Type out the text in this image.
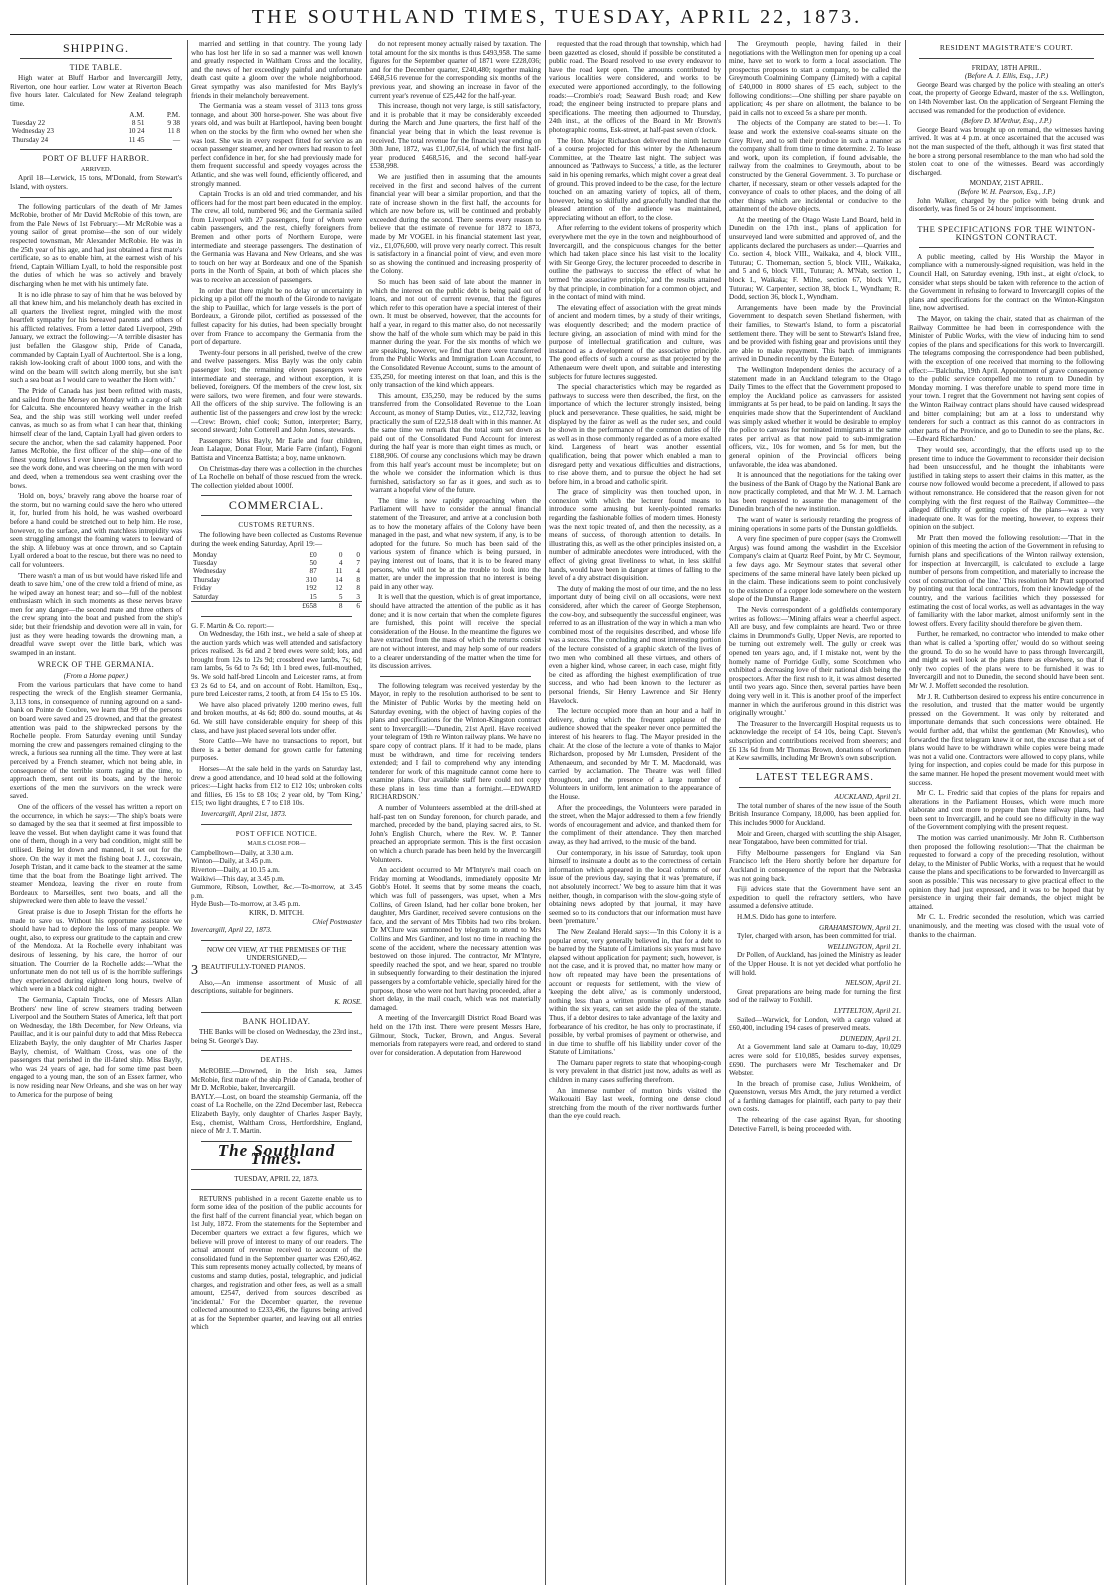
THE SOUTHLAND TIMES, TUESDAY, APRIL 22, 1873.
SHIPPING.
TIDE TABLE.

High water at Bluff Harbor and Invercargill Jetty, Riverton, one hour earlier. Low water at Riverton Beach five hours later. Calculated for New Zealand telegraph time.

	A.M.	P.M.
Tuesday 22	8 51	9 38
Wednesday 23	10 24	11 8
Thursday 24	11 45	—
PORT OF BLUFF HARBOR.
ARRIVED.

April 18—Lerwick, 15 tons, M'Donald, from Stewart's Island, with oysters.

The following particulars of the death of Mr James McRobie, brother of Mr David McRobie of this town, are from the Pale News of 1st February:—Mr McRobie was a young sailor of great promise—the son of our widely respected townsman, Mr Alexander McRobie. He was in the 25th year of his age, and had just obtained a first mate's certificate, so as to enable him, at the earnest wish of his friend, Captain William Lyall, to hold the responsible post the duties of which he was so actively and bravely discharging when he met with his untimely fate.

It is no idle phrase to say of him that he was beloved by all that knew him, and his melancholy death has excited in all quarters the liveliest regret, mingled with the most heartfelt sympathy for his bereaved parents and others of his afflicted relatives. From a letter dated Liverpool, 29th January, we extract the following:—'A terrible disaster has just befallen the Glasgow ship, Pride of Canada, commanded by Captain Lyall of Auchtertool. She is a long, rakish low-looking craft of about 1000 tons, and with the wind on the beam will switch along merrily, but she isn't such a sea boat as I would care to weather the Horn with.'

The Pride of Canada has just been refitted with masts, and sailed from the Mersey on Monday with a cargo of salt for Calcutta. She encountered heavy weather in the Irish Sea, and the ship was still working well under reefed canvas, as much so as from what I can hear that, thinking himself clear of the land, Captain Lyall had given orders to secure the anchor, when the sad calamity happened. Poor James McRobie, the first officer of the ship—one of the finest young fellows I ever knew—had sprung forward to see the work done, and was cheering on the men with word and deed, when a tremendous sea went crashing over the bows.

'Hold on, boys,' bravely rang above the hoarse roar of the storm, but no warning could save the hero who uttered it, for, hurled from his hold, he was washed overboard before a hand could be stretched out to help him. He rose, however, to the surface, and with matchless intrepidity was seen struggling amongst the foaming waters to leeward of the ship. A lifebuoy was at once thrown, and so Captain Lyall ordered a boat to the rescue, but there was no need to call for volunteers.

'There wasn't a man of us but would have risked life and death to save him,' one of the crew told a friend of mine, as he wiped away an honest tear; and so—full of the noblest enthusiasm which in such moments as these nerves brave men for any danger—the second mate and three others of the crew sprang into the boat and pushed from the ship's side; but their friendship and devotion were all in vain, for just as they were heading towards the drowning man, a dreadful wave swept over the little bark, which was swamped in an instant.

WRECK OF THE GERMANIA.
(From a Home paper.)

From the various particulars that have come to hand respecting the wreck of the English steamer Germania, 3,113 tons, in consequence of running aground on a sand-bank on Pointe de Coubre, we learn that 99 of the persons on board were saved and 25 drowned, and that the greatest attention was paid to the shipwrecked persons by the Rochelle people. From Saturday evening until Sunday morning the crew and passengers remained clinging to the wreck, a furious sea running all the time. They were at last perceived by a French steamer, which not being able, in consequence of the terrible storm raging at the time, to approach them, sent out its boats, and by the heroic exertions of the men the survivors on the wreck were saved.

One of the officers of the vessel has written a report on the occurrence, in which he says:—'The ship's boats were so damaged by the sea that it seemed at first impossible to leave the vessel. But when daylight came it was found that one of them, though in a very bad condition, might still be utilised. Being let down and manned, it set out for the shore. On the way it met the fishing boat J. J., coxswain, Joseph Tristan, and it came back to the steamer at the same time that the boat from the Boatinge light arrived. The steamer Mendoza, leaving the river en route from Bordeaux to Marseilles, sent two boats, and all the shipwrecked were then able to leave the vessel.'

Great praise is due to Joseph Tristan for the efforts he made to save us. Without his opportune assistance we should have had to deplore the loss of many people. We ought, also, to express our gratitude to the captain and crew of the Mendoza. At la Rochelle every inhabitant was desirous of lessening, by his care, the horror of our situation. The Courrier de la Rochelle adds:—'What the unfortunate men do not tell us of is the horrible sufferings they experienced during eighteen long hours, twelve of which were in a black cold night.'

The Germania, Captain Trocks, one of Messrs Allan Brothers' new line of screw steamers trading between Liverpool and the Southern States of America, left that port on Wednesday, the 18th December, for New Orleans, via Pauillac, and it is our painful duty to add that Miss Rebecca Elizabeth Bayly, the only daughter of Mr Charles Jasper Bayly, chemist, of Waltham Cross, was one of the passengers that perished in the ill-fated ship. Miss Bayly, who was 24 years of age, had for some time past been engaged to a young man, the son of an Essex farmer, who is now residing near New Orleans, and she was on her way to America for the purpose of being

married and settling in that country. The young lady who has lost her life in so sad a manner was well known and greatly respected in Waltham Cross and the locality, and the news of her exceedingly painful and unfortunate death cast quite a gloom over the whole neighborhood. Great sympathy was also manifested for Mrs Bayly's friends in their melancholy bereavement.

The Germania was a steam vessel of 3113 tons gross tonnage, and about 300 horse-power. She was about five years old, and was built at Hartlepool, having been bought when on the stocks by the firm who owned her when she was lost. She was in every respect fitted for service as an ocean passenger steamer, and her owners had reason to feel perfect confidence in her, for she had previously made for them frequent successful and speedy voyages across the Atlantic, and she was well found, efficiently officered, and strongly manned.

Captain Trocks is an old and tried commander, and his officers had for the most part been educated in the employ. The crew, all told, numbered 96; and the Germania sailed from Liverpool with 27 passengers, four of whom were cabin passengers, and the rest, chiefly foreigners from Bremen and other ports of Northern Europe, were intermediate and steerage passengers. The destination of the Germania was Havana and New Orleans, and she was to touch on her way at Bordeaux and one of the Spanish ports in the North of Spain, at both of which places she was to receive an accession of passengers.

In order that there might be no delay or uncertainty in picking up a pilot off the mouth of the Gironde to navigate the ship to Pauillac, which for large vessels is the port of Bordeaux, a Gironde pilot, certified as possessed of the fullest capacity for his duties, had been specially brought over from France to accompany the Germania from the port of departure.

Twenty-four persons in all perished, twelve of the crew and twelve passengers. Miss Bayly was the only cabin passenger lost; the remaining eleven passengers were intermediate and steerage, and without exception, it is believed, foreigners. Of the members of the crew lost, six were sailors, two were firemen, and four were stewards. All the officers of the ship survive. The following is an authentic list of the passengers and crew lost by the wreck:—Crew: Brown, chief cook; Sutton, interpreter; Barry, second steward; John Cotterell and John Jones, stewards.

Passengers: Miss Bayly, Mr Earle and four children, Jean Lalaque, Donat Flour, Marie Farre (infant), Fogoni Battista and Vincenza Battista; a boy, name unknown.

On Christmas-day there was a collection in the churches of La Rochelle on behalf of those rescued from the wreck. The collection yielded about 1000f.

COMMERCIAL.
CUSTOMS RETURNS.

The following have been collected as Customs Revenue during the week ending Saturday, April 19:—

Monday	£0	0	0
Tuesday	50	4	7
Wednesday	87	11	4
Thursday	310	14	8
Friday	192	12	8
Saturday	15	5	3
	£658	8	6
G. F. Martin & Co. report:—

On Wednesday, the 16th inst., we held a sale of sheep at the auction yards which was well attended and satisfactory prices realised. 3s 6d and 2 bred ewes were sold; lots, and brought from 12s to 12s 9d; crossbred ewe lambs, 7s; 6d; ram lambs, 5s 6d to 7s 6d; 1th 1 bred ewes, full-mouthed, 9s. We sold half-bred Lincoln and Leicester rams, at from £3 2s 6d to £4, and on account of Robt. Hamilton, Esq., pure bred Leicester rams, 2 tooth, at from £4 15s to £5 10s.

We have also placed privately 1200 merino ewes, full and broken mouths, at 4s 6d; 800 do. sound mouths, at 4s 6d. We still have considerable enquiry for sheep of this class, and have just placed several lots under offer.

Store Cattle—We have no transactions to report, but there is a better demand for grown cattle for fattening purposes.

Horses—At the sale held in the yards on Saturday last, drew a good attendance, and 10 head sold at the following prices:—Light hacks from £12 to £12 10s; unbroken colts and fillies, £6 15s to £8 10s; 2 year old, by 'Tom King,' £15; two light draughts, £ 7 to £18 10s.

Invercargill, April 21st, 1873.
POST OFFICE NOTICE.
MAILS CLOSE FOR—
Campbelltown—Daily, at 3.30 a.m.
Winton—Daily, at 3.45 p.m.
Riverton—Daily, at 10.15 a.m.
Waikiwi—This day, at 3.45 p.m.
Gummore, Ribson, Lowther, &c.—To-morrow, at 3.45 p.m.
Hyde Bush—To-morrow, at 3.45 p.m.
KIRK, D. MITCH.
Chief Postmaster
Invercargill, April 22, 1873.
NOW ON VIEW, AT THE PREMISES OF THE UNDERSIGNED,—
3 BEAUTIFULLY-TONED PIANOS.

Also,—An immense assortment of Music of all descriptions, suitable for beginners.

K. ROSE.
BANK HOLIDAY.

THE Banks will be closed on Wednesday, the 23rd inst., being St. George's Day.

DEATHS.

McROBIE.—Drowned, in the Irish sea, James McRobie, first mate of the ship Pride of Canada, brother of Mr D. McRobie, baker, Invercargill.
BAYLY.—Lost, on board the steamship Germania, off the coast of La Rochelle, on the 22nd December last, Rebecca Elizabeth Bayly, only daughter of Charles Jasper Bayly, Esq., chemist, Waltham Cross, Hertfordshire, England, niece of Mr J. T. Martin.

The Southland Times.
TUESDAY, APRIL 22, 1873.

RETURNS published in a recent Gazette enable us to form some idea of the position of the public accounts for the first half of the current financial year, which began on 1st July, 1872. From the statements for the September and December quarters we extract a few figures, which we believe will prove of interest to many of our readers. The actual amount of revenue received to account of the consolidated fund in the September quarter was £260,462. This sum represents money actually collected, by means of customs and stamp duties, postal, telegraphic, and judicial charges, and registration and other fees, as well as a small amount, £2547, derived from sources described as 'incidental.' For the December quarter, the revenue collected amounted to £233,496, the figures being arrived at as for the September quarter, and leaving out all entries which

do not represent money actually raised by taxation. The total amount for the six months is thus £493,958. The same figures for the September quarter of 1871 were £228,036; and for the December quarter, £240,480; together making £468,516 revenue for the corresponding six months of the previous year, and showing an increase in favor of the current year's revenue of £25,442 for the half-year.

This increase, though not very large, is still satisfactory, and it is probable that it may be considerably exceeded during the March and June quarters, the first half of the financial year being that in which the least revenue is received. The total revenue for the financial year ending on 30th June, 1872, was £1,007,614, of which the first half-year produced £468,516, and the second half-year £538,998.

We are justified then in assuming that the amounts received in the first and second halves of the current financial year will bear a similar proportion, and that the rate of increase shown in the first half, the accounts for which are now before us, will be continued and probably exceeded during the second. There seems every reason to believe that the estimate of revenue for 1872 to 1873, made by Mr VOGEL in his financial statement last year, viz., £1,076,600, will prove very nearly correct. This result is satisfactory in a financial point of view, and even more so as showing the continued and increasing prosperity of the Colony.

So much has been said of late about the manner in which the interest on the public debt is being paid out of loans, and not out of current revenue, that the figures which refer to this operation have a special interest of their own. It must be observed, however, that the accounts for half a year, in regard to this matter also, do not necessarily show the half of the whole sum which may be paid in this manner during the year. For the six months of which we are speaking, however, we find that there were transferred from the Public Works and Immigration Loan Account, to the Consolidated Revenue Account, sums to the amount of £35,250, for meeting interest on that loan, and this is the only transaction of the kind which appears.

This amount, £35,250, may be reduced by the sums transferred from the Consolidated Revenue to the Loan Account, as money of Stamp Duties, viz., £12,732, leaving practically the sum of £22,518 dealt with in this manner. At the same time we remark that the total sum set down as paid out of the Consolidated Fund Account for interest during the half year is more than eight times as much, or £188,906. Of course any conclusions which may be drawn from this half year's account must be incomplete; but on the whole we consider the information which is thus furnished, satisfactory so far as it goes, and such as to warrant a hopeful view of the future.

The time is now rapidly approaching when the Parliament will have to consider the annual financial statement of the Treasurer, and arrive at a conclusion both as to how the monetary affairs of the Colony have been managed in the past, and what new system, if any, is to be adopted for the future. So much has been said of the various system of finance which is being pursued, in paying interest out of loans, that it is to be feared many persons, who will not be at the trouble to look into the matter, are under the impression that no interest is being paid in any other way.

It is well that the question, which is of great importance, should have attracted the attention of the public as it has done; and it is now certain that when the complete figures are furnished, this point will receive the special consideration of the House. In the meantime the figures we have extracted from the mass of which the returns consist are not without interest, and may help some of our readers to a clearer understanding of the matter when the time for its discussion arrives.

The following telegram was received yesterday by the Mayor, in reply to the resolution authorised to be sent to the Minister of Public Works by the meeting held on Saturday evening, with the object of having copies of the plans and specifications for the Winton-Kingston contract sent to Invercargill:—'Dunedin, 21st April. Have received your telegram of 19th re Winton railway plans. We have no spare copy of contract plans. If it had to be made, plans must be withdrawn, and time for receiving tenders extended; and I fail to comprehend why any intending tenderer for work of this magnitude cannot come here to examine plans. Our available staff here could not copy these plans in less time than a fortnight.—EDWARD RICHARDSON.'

A number of Volunteers assembled at the drill-shed at half-past ten on Sunday forenoon, for church parade, and marched, preceded by the band, playing sacred airs, to St. John's English Church, where the Rev. W. P. Tanner preached an appropriate sermon. This is the first occasion on which a church parade has been held by the Invercargill Volunteers.

An accident occurred to Mr M'Intyre's mail coach on Friday morning at Woodlands, immediately opposite Mr Gobb's Hotel. It seems that by some means the coach, which was full of passengers, was upset, when a Mrs Collins, of Green Island, had her collar bone broken, her daughter, Mrs Gardiner, received severe contusions on the face, and the servant of Mrs Tibbits had two ribs broken. Dr M'Clure was summoned by telegram to attend to Mrs Collins and Mrs Gardiner, and lost no time in reaching the scene of the accident, where the necessary attention was bestowed on those injured. The contractor, Mr M'Intyre, speedily reached the spot, and we hear, spared no trouble in subsequently forwarding to their destination the injured passengers by a comfortable vehicle, specially hired for the purpose, those who were not hurt having proceeded, after a short delay, in the mail coach, which was not materially damaged.

A meeting of the Invercargill District Road Board was held on the 17th inst. There were present Messrs Hare, Gilmour, Stock, Tucker, Brown, and Angus. Several memorials from ratepayers were read, and ordered to stand over for consideration. A deputation from Harewood

requested that the road through that township, which had been gazetted as closed, should if possible be constituted a public road. The Board resolved to use every endeavor to have the road kept open. The amounts contributed by various localities were considered, and works to be executed were apportioned accordingly, to the following roads:—Crombie's road; Seaward Bush road; and Kew road; the engineer being instructed to prepare plans and specifications. The meeting then adjourned to Thursday, 24th inst., at the offices of the Board in Mr Brown's photographic rooms, Esk-street, at half-past seven o'clock.

The Hon. Major Richardson delivered the ninth lecture of a course projected for this winter by the Athenaeum Committee, at the Theatre last night. The subject was announced as 'Pathways to Success,' a title, as the lecturer said in his opening remarks, which might cover a great deal of ground. This proved indeed to be the case, for the lecture touched on an amazing variety of topics, all of them, however, being so skilfully and gracefully handled that the pleased attention of the audience was maintained, appreciating without an effort, to the close.

After referring to the evident tokens of prosperity which everywhere met the eye in the town and neighbourhood of Invercargill, and the conspicuous changes for the better which had taken place since his last visit to the locality with Sir George Grey, the lecturer proceeded to describe in outline the pathways to success the effect of what he termed 'the associative principle,' and the results attained by that principle, in combination for a common object, and in the contact of mind with mind.

The elevating effect of association with the great minds of ancient and modern times, by a study of their writings, was eloquently described; and the modern practice of lecture giving, an association of mind with mind for the purpose of intellectual gratification and culture, was instanced as a development of the associative principle. The good effects of such a course as that projected by the Athenaeum were dwelt upon, and suitable and interesting subjects for future lectures suggested.

The special characteristics which may be regarded as pathways to success were then described, the first, on the importance of which the lecturer strongly insisted, being pluck and perseverance. These qualities, he said, might be displayed by the fairer as well as the ruder sex, and could be shown in the performance of the common duties of life as well as in those commonly regarded as of a more exalted kind. Largeness of heart was another essential qualification, being that power which enabled a man to disregard petty and vexatious difficulties and distractions, to rise above them, and to pursue the object he had set before him, in a broad and catholic spirit.

The grace of simplicity was then touched upon, in connexion with which the lecturer found means to introduce some amusing but keenly-pointed remarks regarding the fashionable follies of modern times. Honesty was the next topic treated of, and then the necessity, as a means of success, of thorough attention to details. In illustrating this, as well as the other principles insisted on, a number of admirable anecdotes were introduced, with the effect of giving great liveliness to what, in less skilful hands, would have been in danger at times of falling to the level of a dry abstract disquisition.

The duty of making the most of our time, and the no less important duty of being civil on all occasions, were next considered, after which the career of George Stephenson, the cow-boy, and subsequently the successful engineer, was referred to as an illustration of the way in which a man who combined most of the requisites described, and whose life was a success. The concluding and most interesting portion of the lecture consisted of a graphic sketch of the lives of two men who combined all these virtues, and others of even a higher kind, whose career, in each case, might fitly be cited as affording the highest exemplification of true success, and who had been known to the lecturer as personal friends, Sir Henry Lawrence and Sir Henry Havelock.

The lecture occupied more than an hour and a half in delivery, during which the frequent applause of the audience showed that the speaker never once permitted the interest of his hearers to flag. The Mayor presided in the chair. At the close of the lecture a vote of thanks to Major Richardson, proposed by Mr Lumsden, President of the Athenaeum, and seconded by Mr T. M. Macdonald, was carried by acclamation. The Theatre was well filled throughout, and the presence of a large number of Volunteers in uniform, lent animation to the appearance of the House.

After the proceedings, the Volunteers were paraded in the street, when the Major addressed to them a few friendly words of encouragement and advice, and thanked them for the compliment of their attendance. They then marched away, as they had arrived, to the music of the band.

Our contemporary, in his issue of Saturday, took upon himself to insinuate a doubt as to the correctness of certain information which appeared in the local columns of our issue of the previous day, saying that it was 'premature, if not absolutely incorrect.' We beg to assure him that it was neither, though, in comparison with the slow-going style of obtaining news adopted by that journal, it may have seemed so to its conductors that our information must have been 'premature.'

The New Zealand Herald says:—'In this Colony it is a popular error, very generally believed in, that for a debt to be barred by the Statute of Limitations six years must have elapsed without application for payment; such, however, is not the case, and it is proved that, no matter how many or how oft repeated may have been the presentations of account or requests for settlement, with the view of 'keeping the debt alive,' as is commonly understood, nothing less than a written promise of payment, made within the six years, can set aside the plea of the statute. Thus, if a debtor desires to take advantage of the laxity and forbearance of his creditor, he has only to procrastinate, if possible, by verbal promises of payment or otherwise, and in due time to shuffle off his liability under cover of the Statute of Limitations.'

The Oamaru paper regrets to state that whooping-cough is very prevalent in that district just now, adults as well as children in many cases suffering therefrom.

An immense number of mutton birds visited the Waikouaiti Bay last week, forming one dense cloud stretching from the mouth of the river northwards further than the eye could reach.

The Greymouth people, having failed in their negotiations with the Wellington men for opening up a coal mine, have set to work to form a local association. The prospectus proposes to start a company, to be called the Greymouth Coalmining Company (Limited) with a capital of £40,000 in 8000 shares of £5 each, subject to the following conditions:—One shilling per share payable on application; 4s per share on allotment, the balance to be paid in calls not to exceed 5s a share per month.

The objects of the Company are stated to be:—1. To lease and work the extensive coal-seams situate on the Grey River, and to sell their produce in such a manner as the company shall from time to time determine. 2. To lease and work, upon its completion, if found advisable, the railway from the coalmines to Greymouth, about to be constructed by the General Government. 3. To purchase or charter, if necessary, steam or other vessels adapted for the conveyance of coals to other places, and the doing of all other things which are incidental or conducive to the attainment of the above objects.

At the meeting of the Otago Waste Land Board, held in Dunedin on the 17th inst., plans of application for unsurveyed land were submitted and approved of, and the applicants declared the purchasers as under:—Quarries and Co. section 4, block VIII., Waikaka, and 4, block VIII., Tuturau; C. Thomeman, section 5, block VIII., Waikaka, and 5 and 6, block VIII., Tuturau; A. M'Nab, section 1, block I., Waikaka; F. Milne, section 67, block VII., Tuturau; W. Carpenter, section 38, block I., Wyndham; R. Dodd, section 36, block I., Wyndham.

Arrangements have been made by the Provincial Government to despatch seven Shetland fishermen, with their families, to Stewart's Island, to form a piscatorial settlement there. They will be sent to Stewart's Island free, and be provided with fishing gear and provisions until they are able to make repayment. This batch of immigrants arrived in Dunedin recently by the Euterpe.

The Wellington Independent denies the accuracy of a statement made in an Auckland telegram to the Otago Daily Times to the effect that the Government proposed to employ the Auckland police as canvassers for assisted immigrants at 5s per head, to be paid on landing. It says the enquiries made show that the Superintendent of Auckland was simply asked whether it would be desirable to employ the police to canvass for nominated immigrants at the same rates per arrival as that now paid to sub-immigration officers, viz., 10s for women, and 5s for men, but the general opinion of the Provincial officers being unfavorable, the idea was abandoned.

It is announced that the negotiations for the taking over the business of the Bank of Otago by the National Bank are now practically completed, and that Mr W. J. M. Larnach has been requested to assume the management of the Dunedin branch of the new institution.

The want of water is seriously retarding the progress of mining operations in some parts of the Dunstan goldfields.

A very fine specimen of pure copper (says the Cromwell Argus) was found among the washdirt in the Excelsior Company's claim at Quartz Reef Point, by Mr C. Seymour, a few days ago. Mr Seymour states that several other specimens of the same mineral have lately been picked up in the claim. These indications seem to point conclusively to the existence of a copper lode somewhere on the western slope of the Dunstan Range.

The Nevis correspondent of a goldfields contemporary writes as follows:—'Mining affairs wear a cheerful aspect. All are busy, and few complaints are heard. Two or three claims in Drummond's Gully, Upper Nevis, are reported to be turning out extremely well. The gully or creek was opened ten years ago, and, if I mistake not, went by the homely name of Porridge Gully, some Scotchmen who exhibited a decreasing love of their national dish being the prospectors. After the first rush to it, it was almost deserted until two years ago. Since then, several parties have been doing very well in it. This is another proof of the imperfect manner in which the auriferous ground in this district was originally wrought.'

The Treasurer to the Invercargill Hospital requests us to acknowledge the receipt of £4 10s, being Capt. Steven's subscription and contributions received from sheerers; and £6 13s 6d from Mr Thomas Brown, donations of workmen at Kew sawmills, including Mr Brown's own subscription.

LATEST TELEGRAMS.
AUCKLAND, April 21.

The total number of shares of the new issue of the South British Insurance Company, 18,000, has been applied for. This includes 9000 for Auckland.

Moir and Green, charged with scuttling the ship Alsager, near Tongataboo, have been committed for trial.

Fifty Melbourne passengers for England via San Francisco left the Hero shortly before her departure for Auckland in consequence of the report that the Nebraska was not going back.

Fiji advices state that the Government have sent an expedition to quell the refractory settlers, who have assumed a defensive attitude.

H.M.S. Dido has gone to interfere.

GRAHAMSTOWN, April 21.

Tyler, charged with arson, has been committed for trial.

WELLINGTON, April 21.

Dr Pollen, of Auckland, has joined the Ministry as leader of the Upper House. It is not yet decided what portfolio he will hold.

NELSON, April 21.

Great preparations are being made for turning the first sod of the railway to Foxhill.

LYTTELTON, April 21.

Sailed—Warwick, for London, with a cargo valued at £60,400, including 194 cases of preserved meats.

DUNEDIN, April 21.

At a Government land sale at Oamaru to-day, 10,029 acres were sold for £10,085, besides survey expenses, £690. The purchasers were Mr Teschemaker and Dr Webster.

In the breach of promise case, Julius Wenkheim, of Queenstown, versus Mrs Arndt, the jury returned a verdict of a farthing damages for plaintiff, each party to pay their own costs.

The rehearing of the case against Ryan, for shooting Detective Farrell, is being proceeded with.

RESIDENT MAGISTRATE'S COURT.
FRIDAY, 18TH APRIL.
(Before A. J. Ellis, Esq., J.P.)

George Beard was charged by the police with stealing an otter's coat, the property of George Edward, master of the s.s. Wellington, on 14th November last. On the application of Sergeant Fleming the accused was remanded for the production of evidence.

(Before D. M'Arthur, Esq., J.P.)

George Beard was brought up on remand, the witnesses having arrived. It was at 4 p.m. at once ascertained that the accused was not the man suspected of the theft, although it was first stated that he bore a strong personal resemblance to the man who had sold the stolen coat to one of the witnesses. Beard was accordingly discharged.

MONDAY, 21ST APRIL.
(Before W. H. Pearson, Esq., J.P.)

John Walker, charged by the police with being drunk and disorderly, was fined 5s or 24 hours' imprisonment.

THE SPECIFICATIONS FOR THE WINTON-KINGSTON CONTRACT.

A public meeting, called by His Worship the Mayor in compliance with a numerously-signed requisition, was held in the Council Hall, on Saturday evening, 19th inst., at eight o'clock, to consider what steps should be taken with reference to the action of the Government in refusing to forward to Invercargill copies of the plans and specifications for the contract on the Winton-Kingston line, now advertised.

The Mayor, on taking the chair, stated that as chairman of the Railway Committee he had been in correspondence with the Minister of Public Works, with the view of inducing him to send copies of the plans and specifications for this work to Invercargill. The telegrams composing the correspondence had been published, with the exception of one received that morning to the following effect:—'Balclutha, 19th April. Appointment of grave consequence to the public service compelled me to return to Dunedin by Monday morning. I was therefore unable to spend more time in your town. I regret that the Government not having sent copies of the Winton Railway contract plans should have caused widespread and bitter complaining; but am at a loss to understand why tenderers for such a contract as this cannot do as contractors in other parts of the Province, and go to Dunedin to see the plans, &c.—Edward Richardson.'

They would see, accordingly, that the efforts used up to the present time to induce the Government to reconsider their decision had been unsuccessful, and he thought the inhabitants were justified in taking steps to assert their claims in this matter, as the course now followed would become a precedent, if allowed to pass without remonstrance. He considered that the reason given for not complying with the first request of the Railway Committee—the alleged difficulty of getting copies of the plans—was a very inadequate one. It was for the meeting, however, to express their opinion on the subject.

Mr Pratt then moved the following resolution:—'That in the opinion of this meeting the action of the Government in refusing to furnish plans and specifications of the Winton railway extension, for inspection at Invercargill, is calculated to exclude a large number of persons from competition, and materially to increase the cost of construction of the line.' This resolution Mr Pratt supported by pointing out that local contractors, from their knowledge of the country, and the various facilities which they possessed for estimating the cost of local works, as well as advantages in the way of familiarity with the labor market, almost uniformly sent in the lowest offers. Every facility should therefore be given them.

Further, he remarked, no contractor who intended to make other than what is called a 'sporting offer,' would do so without seeing the ground. To do so he would have to pass through Invercargill, and might as well look at the plans there as elsewhere, so that if only two copies of the plans were to be furnished it was to Invercargill and not to Dunedin, the second should have been sent. Mr W. J. Moffett seconded the resolution.

Mr J. R. Cuthbertson desired to express his entire concurrence in the resolution, and trusted that the matter would be urgently pressed on the Government. It was only by reiterated and importunate demands that such concessions were obtained. He would further add, that whilst the gentleman (Mr Knowles), who forwarded the first telegram knew it or not, the excuse that a set of plans would have to be withdrawn while copies were being made was not a valid one. Contractors were allowed to copy plans, while lying for inspection, and copies could be made for this purpose in the same manner. He hoped the present movement would meet with success.

Mr C. L. Fredric said that copies of the plans for repairs and alterations in the Parliament Houses, which were much more elaborate and cost more to prepare than these railway plans, had been sent to Invercargill, and he could see no difficulty in the way of the Government complying with the present request.

The motion was carried unanimously. Mr John R. Cuthbertson then proposed the following resolution:—'That the chairman be requested to forward a copy of the preceding resolution, without delay, to the Minister of Public Works, with a request that he would cause the plans and specifications to be forwarded to Invercargill as soon as possible.' This was necessary to give practical effect to the opinion they had just expressed, and it was to be hoped that by persistence in urging their fair demands, the object might be attained.

Mr C. L. Fredric seconded the resolution, which was carried unanimously, and the meeting was closed with the usual vote of thanks to the chairman.
